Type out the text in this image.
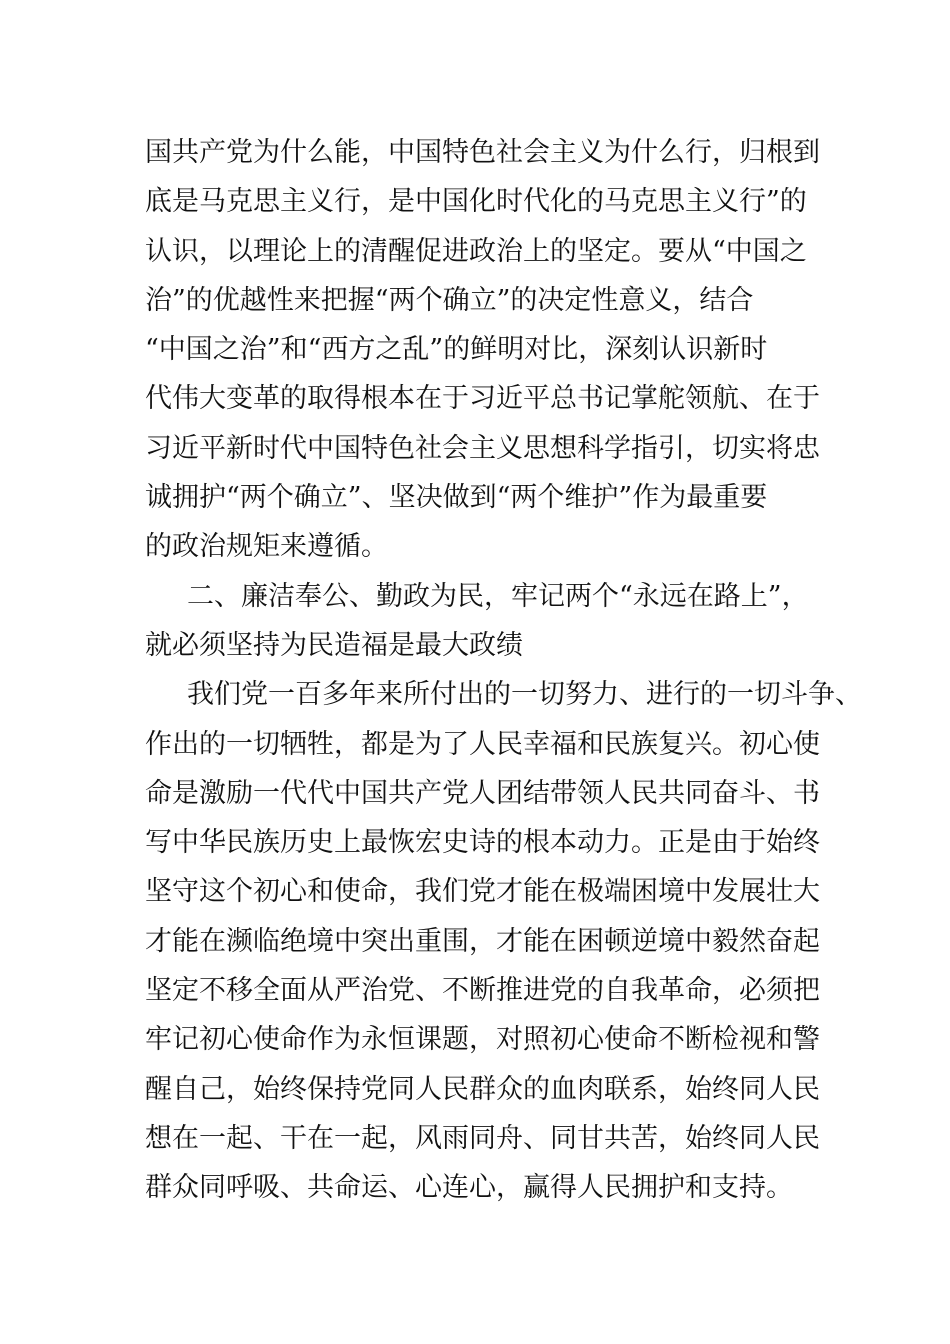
国共产党为什么能，中国特色社会主义为什么行，归根到
底是马克思主义行，是中国化时代化的马克思主义行”的
认识，以理论上的清醒促进政治上的坚定。要从“中国之
治”的优越性来把握“两个确立”的决定性意义，结合
“中国之治”和“西方之乱”的鲜明对比，深刻认识新时
代伟大变革的取得根本在于习近平总书记掌舵领航、在于
习近平新时代中国特色社会主义思想科学指引，切实将忠
诚拥护“两个确立”、坚决做到“两个维护”作为最重要
的政治规矩来遵循。
二、廉洁奉公、勤政为民，牢记两个“永远在路上”，
就必须坚持为民造福是最大政绩
我们党一百多年来所付出的一切努力、进行的一切斗争、
作出的一切牺牲，都是为了人民幸福和民族复兴。初心使
命是激励一代代中国共产党人团结带领人民共同奋斗、书
写中华民族历史上最恢宏史诗的根本动力。正是由于始终
坚守这个初心和使命，我们党才能在极端困境中发展壮大
才能在濒临绝境中突出重围，才能在困顿逆境中毅然奋起
坚定不移全面从严治党、不断推进党的自我革命，必须把
牢记初心使命作为永恒课题，对照初心使命不断检视和警
醒自己，始终保持党同人民群众的血肉联系，始终同人民
想在一起、干在一起，风雨同舟、同甘共苦，始终同人民
群众同呼吸、共命运、心连心，赢得人民拥护和支持。
